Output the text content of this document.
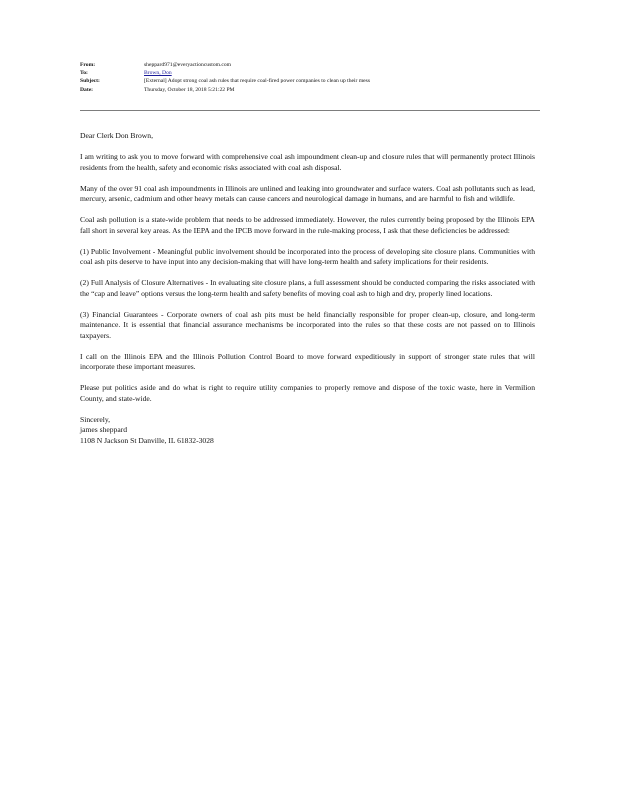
From:	sheppard971@everyactioncustom.com
To:	Brown, Don
Subject:	[External] Adopt strong coal ash rules that require coal-fired power companies to clean up their mess
Date:	Thursday, October 18, 2018 5:21:22 PM

Dear Clerk Don Brown,

I am writing to ask you to move forward with comprehensive coal ash impoundment clean-up and closure rules that will permanently protect Illinois residents from the health, safety and economic risks associated with coal ash disposal.

Many of the over 91 coal ash impoundments in Illinois are unlined and leaking into groundwater and surface waters. Coal ash pollutants such as lead, mercury, arsenic, cadmium and other heavy metals can cause cancers and neurological damage in humans, and are harmful to fish and wildlife.

Coal ash pollution is a state-wide problem that needs to be addressed immediately. However, the rules currently being proposed by the Illinois EPA fall short in several key areas. As the IEPA and the IPCB move forward in the rule-making process, I ask that these deficiencies be addressed:

(1) Public Involvement - Meaningful public involvement should be incorporated into the process of developing site closure plans. Communities with coal ash pits deserve to have input into any decision-making that will have long-term health and safety implications for their residents.

(2) Full Analysis of Closure Alternatives - In evaluating site closure plans, a full assessment should be conducted comparing the risks associated with the “cap and leave” options versus the long-term health and safety benefits of moving coal ash to high and dry, properly lined locations.

(3) Financial Guarantees - Corporate owners of coal ash pits must be held financially responsible for proper clean-up, closure, and long-term maintenance. It is essential that financial assurance mechanisms be incorporated into the rules so that these costs are not passed on to Illinois taxpayers.

I call on the Illinois EPA and the Illinois Pollution Control Board to move forward expeditiously in support of stronger state rules that will incorporate these important measures.

Please put politics aside and do what is right to require utility companies to properly remove and dispose of the toxic waste, here in Vermilion County, and state-wide.

Sincerely,
james sheppard
1108 N Jackson St Danville, IL 61832-3028
